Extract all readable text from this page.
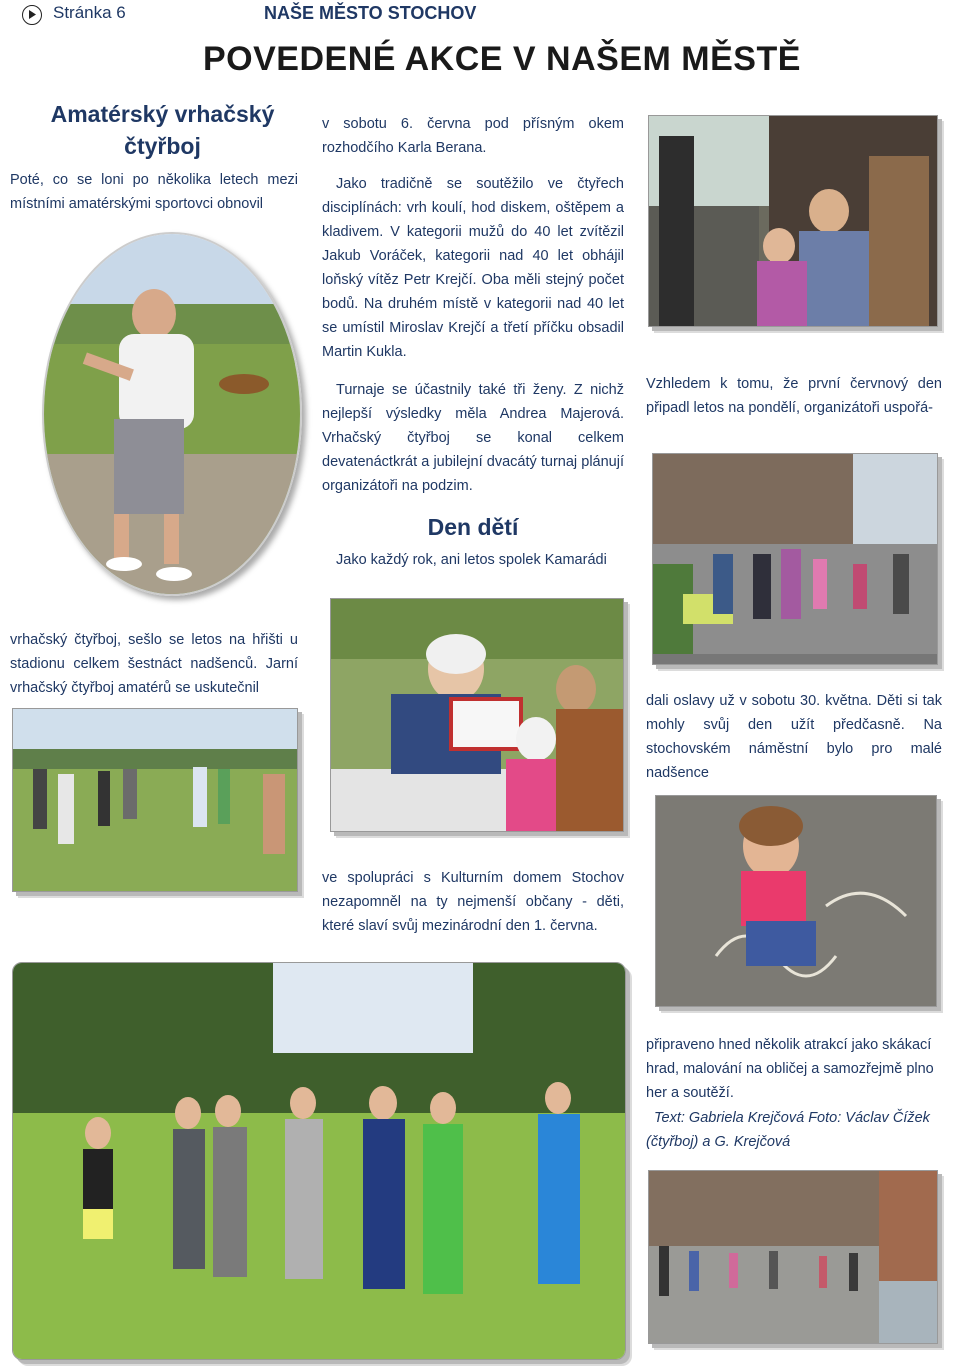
Stránka 6	NAŠE MĚSTO STOCHOV
POVEDENÉ AKCE V NAŠEM MĚSTĚ
Amatérský vrhačský
čtyřboj
Poté, co se loni po několika letech mezi místními amatérskými sportovci obnovil
v sobotu 6. června pod přísným okem rozhodčího Karla Berana.
Jako tradičně se soutěžilo ve čtyřech disciplínách: vrh koulí, hod diskem, oštěpem a kladivem. V kategorii mužů do 40 let zvítězil Jakub Voráček, kategorii nad 40 let obhájil loňský vítěz Petr Krejčí. Oba měli stejný počet bodů. Na druhém místě v kategorii nad 40 let se umístil Miroslav Krejčí a třetí příčku obsadil Martin Kukla.
Turnaje se účastnily také tři ženy. Z nichž nejlepší výsledky měla Andrea Majerová. Vrhačský čtyřboj se konal celkem devatenáctkrát a jubilejní dvacátý turnaj plánují organizátoři na podzim.
Vzhledem k tomu, že první červnový den připadl letos na pondělí, organizátoři uspořá-
Den dětí
Jako každý rok, ani letos spolek Kamarádi
vrhačský čtyřboj, sešlo se letos na hřišti u stadionu celkem šestnáct nadšenců. Jarní vrhačský čtyřboj amatérů se uskutečnil
dali oslavy už v sobotu 30. května. Děti si tak mohly svůj den užít předčasně. Na stochovském náměstní bylo pro malé nadšence
ve spolupráci s Kulturním domem Stochov nezapomněl na ty nejmenší občany - děti, které slaví svůj mezinárodní den 1. června.
připraveno hned několik atrakcí jako skákací hrad, malování na obličej a samozřejmě plno her a soutěží.
Text: Gabriela Krejčová Foto: Václav Čížek (čtyřboj) a G. Krejčová
